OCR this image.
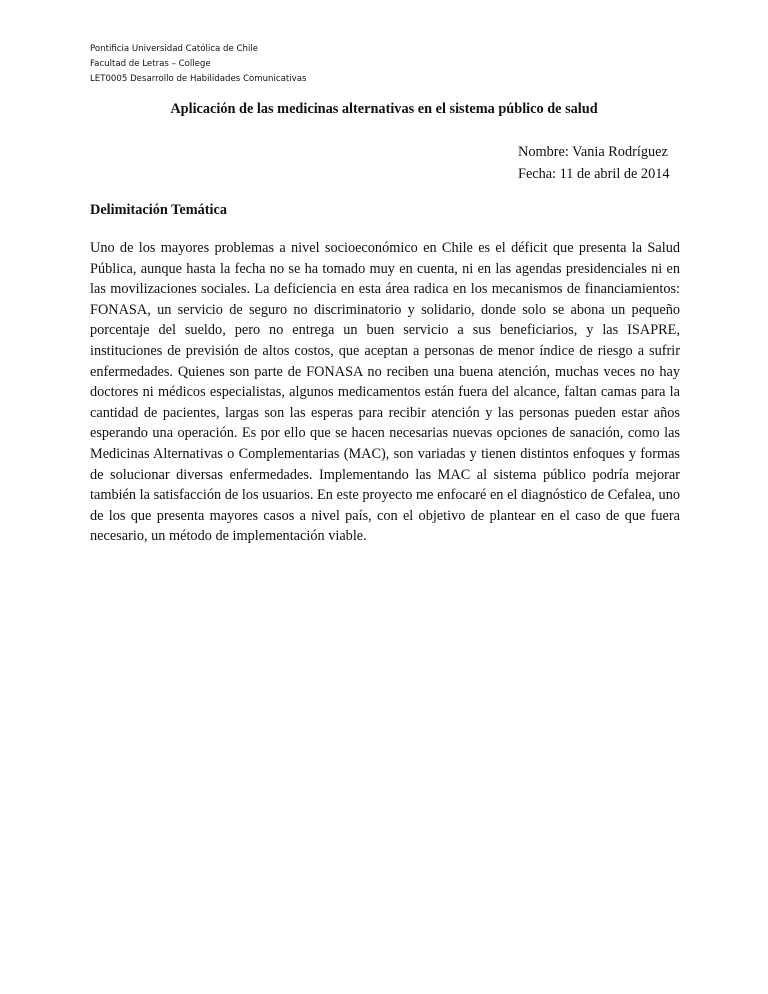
Pontificia Universidad Católica de Chile
Facultad de Letras – College
LET0005 Desarrollo de Habilidades Comunicativas
Aplicación de las medicinas alternativas en el sistema público de salud
Nombre: Vania Rodríguez
Fecha: 11 de abril de 2014
Delimitación Temática

Uno de los mayores problemas a nivel socioeconómico en Chile es el déficit que presenta la Salud Pública, aunque hasta la fecha no se ha tomado muy en cuenta, ni en las agendas presidenciales ni en las movilizaciones sociales. La deficiencia en esta área radica en los mecanismos de financiamientos: FONASA, un servicio de seguro no discriminatorio y solidario, donde solo se abona un pequeño porcentaje del sueldo, pero no entrega un buen servicio a sus beneficiarios, y las ISAPRE, instituciones de previsión de altos costos, que aceptan a personas de menor índice de riesgo a sufrir enfermedades. Quienes son parte de FONASA no reciben una buena atención, muchas veces no hay doctores ni médicos especialistas, algunos medicamentos están fuera del alcance, faltan camas para la cantidad de pacientes, largas son las esperas para recibir atención y las personas pueden estar años esperando una operación. Es por ello que se hacen necesarias nuevas opciones de sanación, como las Medicinas Alternativas o Complementarias (MAC), son variadas y tienen distintos enfoques y formas de solucionar diversas enfermedades. Implementando las MAC al sistema público podría mejorar también la satisfacción de los usuarios. En este proyecto me enfocaré en el diagnóstico de Cefalea, uno de los que presenta mayores casos a nivel país, con el objetivo de plantear en el caso de que fuera necesario, un método de implementación viable.
